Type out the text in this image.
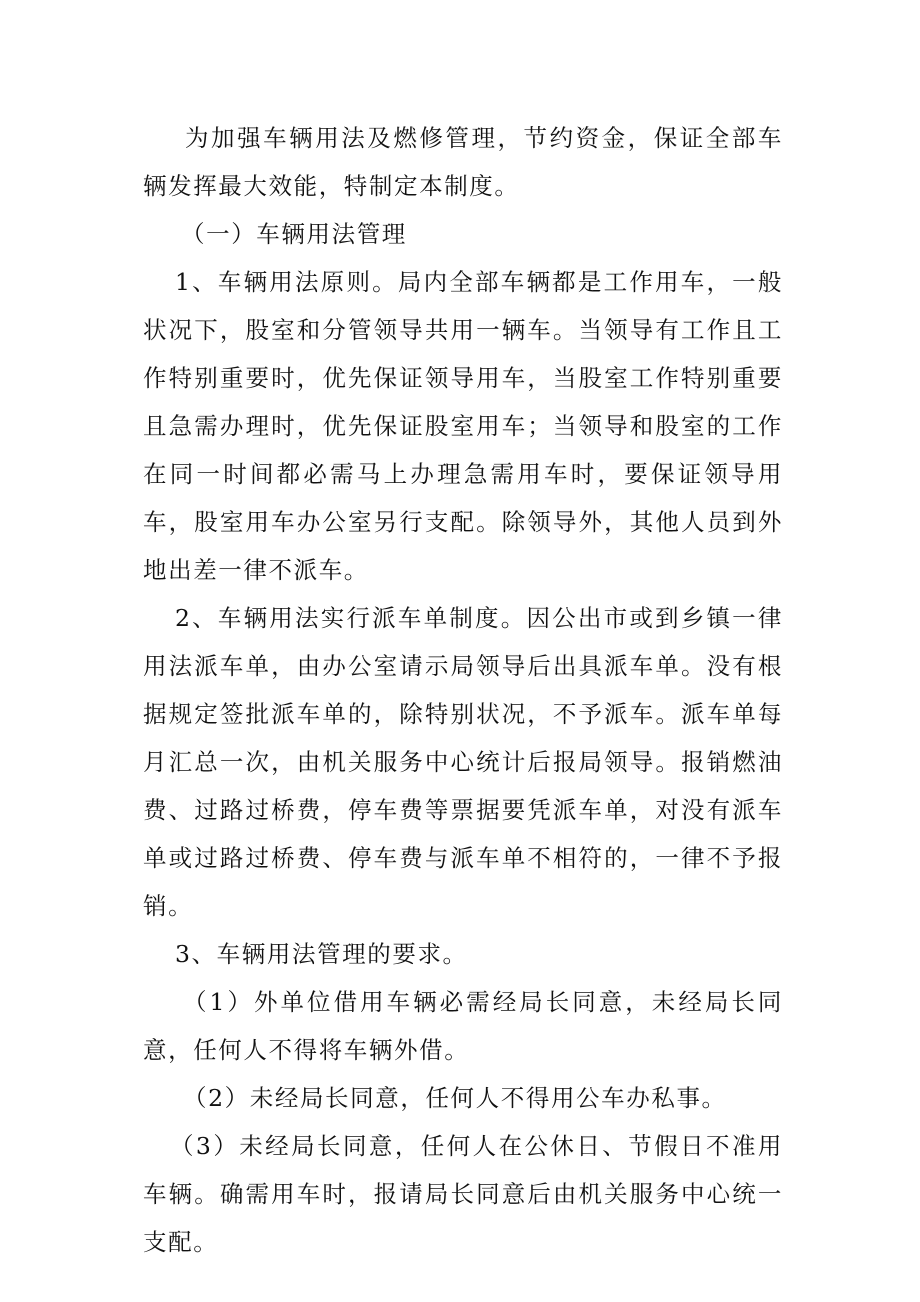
为加强车辆用法及燃修管理，节约资金，保证全部车辆发挥最大效能，特制定本制度。

（一）车辆用法管理

1、车辆用法原则。局内全部车辆都是工作用车，一般状况下，股室和分管领导共用一辆车。当领导有工作且工作特别重要时，优先保证领导用车，当股室工作特别重要且急需办理时，优先保证股室用车；当领导和股室的工作在同一时间都必需马上办理急需用车时，要保证领导用车，股室用车办公室另行支配。除领导外，其他人员到外地出差一律不派车。

2、车辆用法实行派车单制度。因公出市或到乡镇一律用法派车单，由办公室请示局领导后出具派车单。没有根据规定签批派车单的，除特别状况，不予派车。派车单每月汇总一次，由机关服务中心统计后报局领导。报销燃油费、过路过桥费，停车费等票据要凭派车单，对没有派车单或过路过桥费、停车费与派车单不相符的，一律不予报销。

3、车辆用法管理的要求。

（1）外单位借用车辆必需经局长同意，未经局长同意，任何人不得将车辆外借。

（2）未经局长同意，任何人不得用公车办私事。

（3）未经局长同意，任何人在公休日、节假日不准用车辆。确需用车时，报请局长同意后由机关服务中心统一支配。
